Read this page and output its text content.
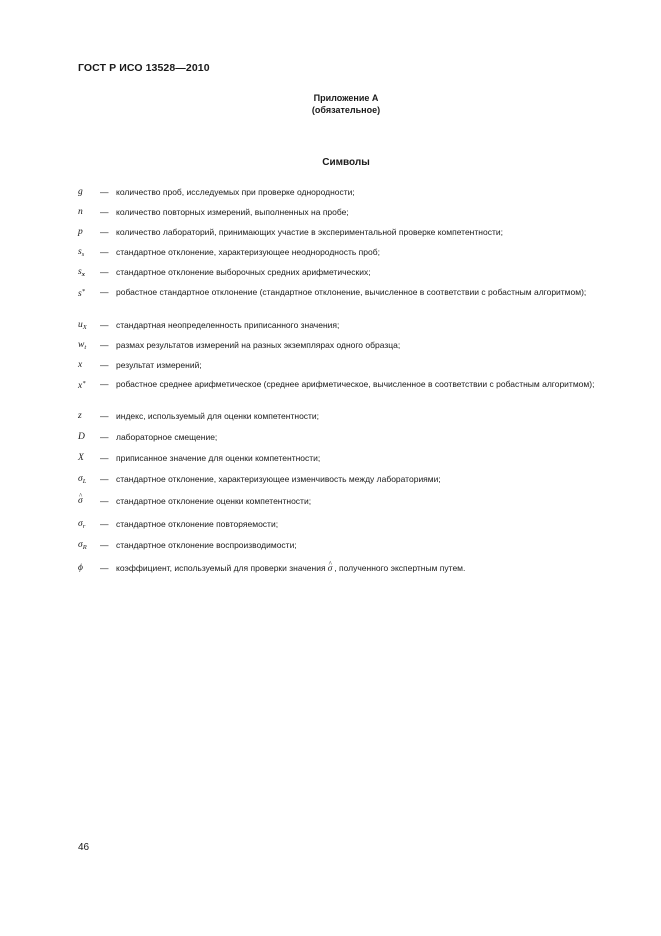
ГОСТ Р ИСО 13528—2010
Приложение А
(обязательное)
Символы
g	— количество проб, исследуемых при проверке однородности;
n	— количество повторных измерений, выполненных на пробе;
p	— количество лабораторий, принимающих участие в экспериментальной проверке компетентности;
$s_s$	— стандартное отклонение, характеризующее неоднородность проб;
$s_x$	— стандартное отклонение выборочных средних арифметических;
s*	— робастное стандартное отклонение (стандартное отклонение, вычисленное в соответствии с робастным алгоритмом);
$u_X$	— стандартная неопределенность приписанного значения;
$w_t$	— размах результатов измерений на разных экземплярах одного образца;
x	— результат измерений;
x*	— робастное среднее арифметическое (среднее арифметическое, вычисленное в соответствии с робастным алгоритмом);
z	— индекс, используемый для оценки компетентности;
D	— лабораторное смещение;
X	— приписанное значение для оценки компетентности;
$\sigma_L$	— стандартное отклонение, характеризующее изменчивость между лабораториями;
^ σ	— стандартное отклонение оценки компетентности;
$\sigma_r$	— стандартное отклонение повторяемости;
$\sigma_R$	— стандартное отклонение воспроизводимости;
ϕ	— коэффициент, используемый для проверки значения^ σ , полученного экспертным путем.
46
